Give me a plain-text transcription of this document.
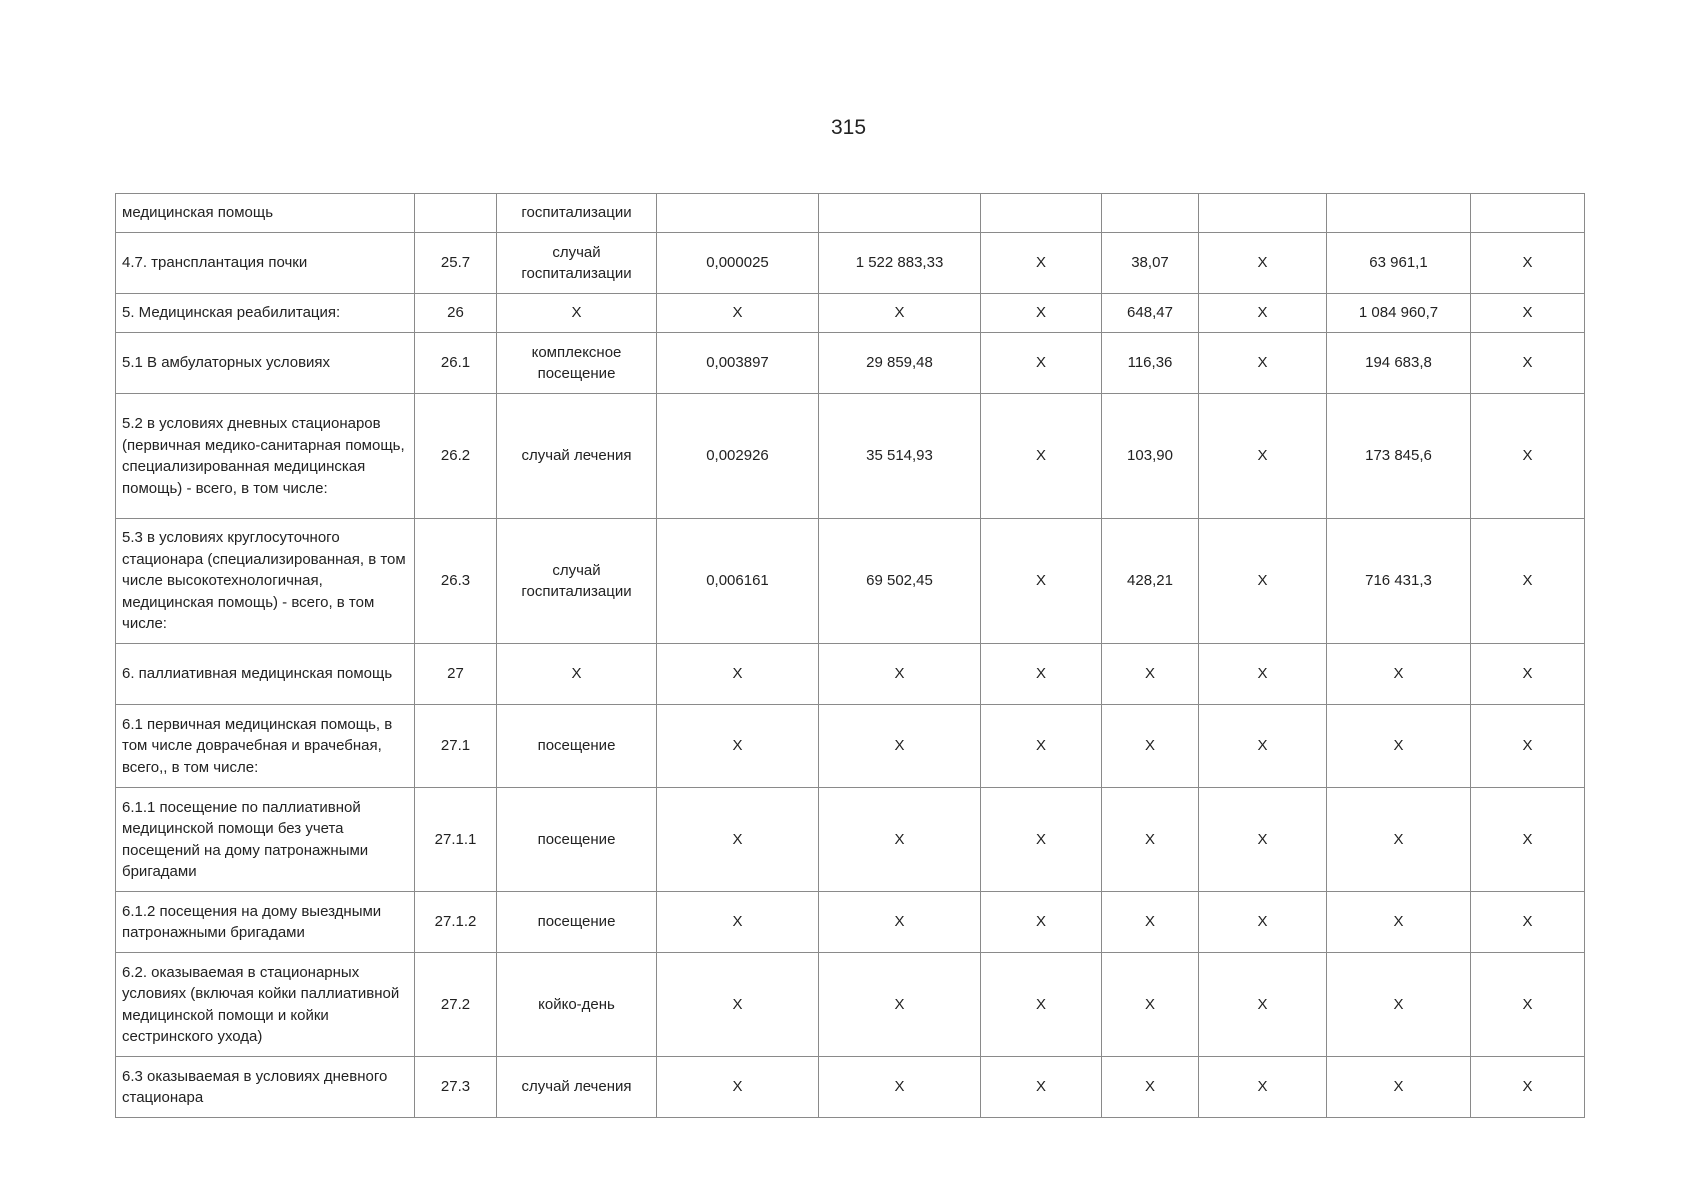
315
медицинская помощь		госпитализации							
4.7. трансплантация почки	25.7	случай госпитализации	0,000025	1 522 883,33	X	38,07	X	63 961,1	X
5. Медицинская реабилитация:	26	X	X	X	X	648,47	X	1 084 960,7	X
5.1 В амбулаторных условиях	26.1	комплексное посещение	0,003897	29 859,48	X	116,36	X	194 683,8	X
5.2 в условиях дневных стационаров (первичная медико-санитарная помощь, специализированная медицинская помощь) - всего, в том числе:	26.2	случай лечения	0,002926	35 514,93	X	103,90	X	173 845,6	X
5.3 в условиях круглосуточного стационара (специализированная, в том числе высокотехнологичная, медицинская помощь) - всего, в том числе:	26.3	случай госпитализации	0,006161	69 502,45	X	428,21	X	716 431,3	X
6. паллиативная медицинская помощь	27	X	X	X	X	X	X	X	X
6.1 первичная медицинская помощь, в том числе доврачебная и врачебная, всего,, в том числе:	27.1	посещение	X	X	X	X	X	X	X
6.1.1 посещение по паллиативной медицинской помощи без учета посещений на дому патронажными бригадами	27.1.1	посещение	X	X	X	X	X	X	X
6.1.2 посещения на дому выездными патронажными бригадами	27.1.2	посещение	X	X	X	X	X	X	X
6.2. оказываемая в стационарных условиях (включая койки паллиативной медицинской помощи и койки сестринского ухода)	27.2	койко-день	X	X	X	X	X	X	X
6.3 оказываемая в условиях дневного стационара	27.3	случай лечения	X	X	X	X	X	X	X
